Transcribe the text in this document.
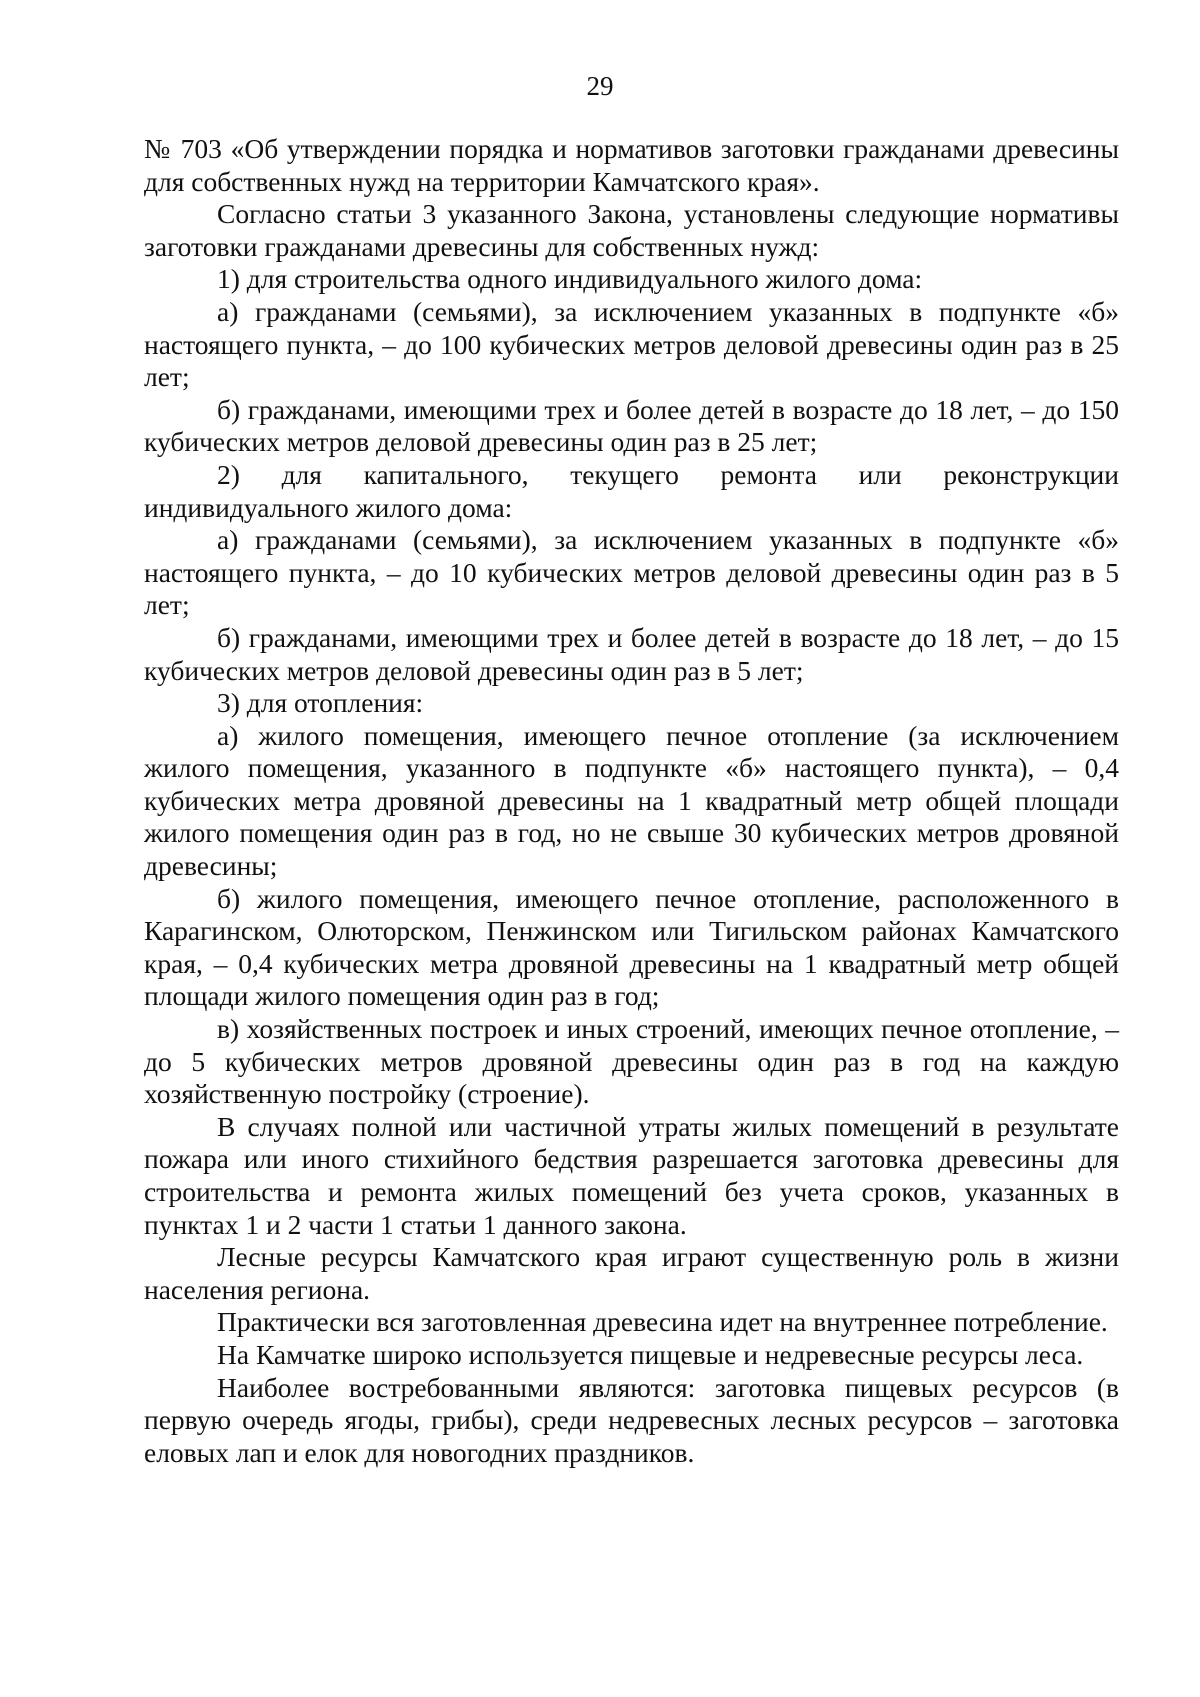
29

№ 703 «Об утверждении порядка и нормативов заготовки гражданами древесины для собственных нужд на территории Камчатского края».

Согласно статьи 3 указанного Закона, установлены следующие нормативы заготовки гражданами древесины для собственных нужд:

1) для строительства одного индивидуального жилого дома:

а) гражданами (семьями), за исключением указанных в подпункте «б» настоящего пункта, – до 100 кубических метров деловой древесины один раз в 25 лет;

б) гражданами, имеющими трех и более детей в возрасте до 18 лет, – до 150 кубических метров деловой древесины один раз в 25 лет;

2) для капитального, текущего ремонта или реконструкции индивидуального жилого дома:

а) гражданами (семьями), за исключением указанных в подпункте «б» настоящего пункта, – до 10 кубических метров деловой древесины один раз в 5 лет;

б) гражданами, имеющими трех и более детей в возрасте до 18 лет, – до 15 кубических метров деловой древесины один раз в 5 лет;

3) для отопления:

а) жилого помещения, имеющего печное отопление (за исключением жилого помещения, указанного в подпункте «б» настоящего пункта), – 0,4 кубических метра дровяной древесины на 1 квадратный метр общей площади жилого помещения один раз в год, но не свыше 30 кубических метров дровяной древесины;

б) жилого помещения, имеющего печное отопление, расположенного в Карагинском, Олюторском, Пенжинском или Тигильском районах Камчатского края, – 0,4 кубических метра дровяной древесины на 1 квадратный метр общей площади жилого помещения один раз в год;

в) хозяйственных построек и иных строений, имеющих печное отопление, – до 5 кубических метров дровяной древесины один раз в год на каждую хозяйственную постройку (строение).

В случаях полной или частичной утраты жилых помещений в результате пожара или иного стихийного бедствия разрешается заготовка древесины для строительства и ремонта жилых помещений без учета сроков, указанных в пунктах 1 и 2 части 1 статьи 1 данного закона.

Лесные ресурсы Камчатского края играют существенную роль в жизни населения региона.

Практически вся заготовленная древесина идет на внутреннее потребление.

На Камчатке широко используется пищевые и недревесные ресурсы леса.

Наиболее востребованными являются: заготовка пищевых ресурсов (в первую очередь ягоды, грибы), среди недревесных лесных ресурсов – заготовка еловых лап и елок для новогодних праздников.
